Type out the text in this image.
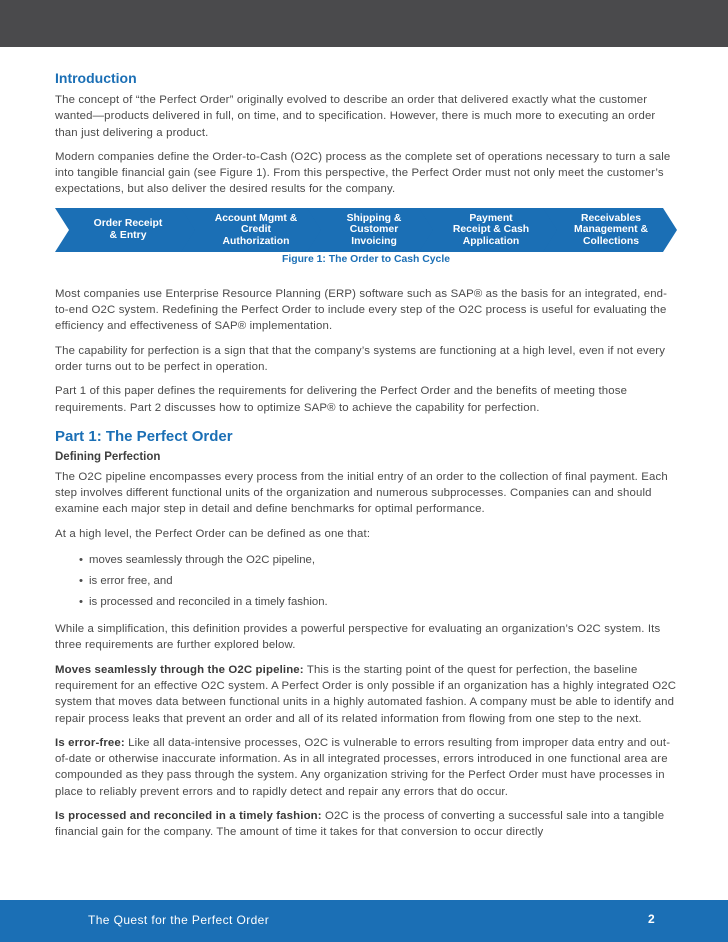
Introduction

The concept of “the Perfect Order” originally evolved to describe an order that delivered exactly what the customer wanted—products delivered in full, on time, and to specification. However, there is much more to executing an order than just delivering a product.

Modern companies define the Order-to-Cash (O2C) process as the complete set of operations necessary to turn a sale into tangible financial gain (see Figure 1). From this perspective, the Perfect Order must not only meet the customer’s expectations, but also deliver the desired results for the company.

Order Receipt
& Entry
Account Mgmt &
Credit
Authorization
Shipping &
Customer
Invoicing
Payment
Receipt & Cash
Application
Receivables
Management &
Collections
Figure 1: The Order to Cash Cycle

Most companies use Enterprise Resource Planning (ERP) software such as SAP® as the basis for an integrated, end-to-end O2C system. Redefining the Perfect Order to include every step of the O2C process is useful for evaluating the efficiency and effectiveness of SAP® implementation.

The capability for perfection is a sign that that the company’s systems are functioning at a high level, even if not every order turns out to be perfect in operation.

Part 1 of this paper defines the requirements for delivering the Perfect Order and the benefits of meeting those requirements. Part 2 discusses how to optimize SAP® to achieve the capability for perfection.

Part 1: The Perfect Order
Defining Perfection

The O2C pipeline encompasses every process from the initial entry of an order to the collection of final payment. Each step involves different functional units of the organization and numerous subprocesses. Companies can and should examine each major step in detail and define benchmarks for optimal performance.

At a high level, the Perfect Order can be defined as one that:

• moves seamlessly through the O2C pipeline,
• is error free, and
• is processed and reconciled in a timely fashion.

While a simplification, this definition provides a powerful perspective for evaluating an organization’s O2C system. Its three requirements are further explored below.

Moves seamlessly through the O2C pipeline: This is the starting point of the quest for perfection, the baseline requirement for an effective O2C system. A Perfect Order is only possible if an organization has a highly integrated O2C system that moves data between functional units in a highly automated fashion. A company must be able to identify and repair process leaks that prevent an order and all of its related information from flowing from one step to the next.

Is error-free: Like all data-intensive processes, O2C is vulnerable to errors resulting from improper data entry and out-of-date or otherwise inaccurate information. As in all integrated processes, errors introduced in one functional area are compounded as they pass through the system. Any organization striving for the Perfect Order must have processes in place to reliably prevent errors and to rapidly detect and repair any errors that do occur.

Is processed and reconciled in a timely fashion: O2C is the process of converting a successful sale into a tangible financial gain for the company. The amount of time it takes for that conversion to occur directly

The Quest for the Perfect Order	2
